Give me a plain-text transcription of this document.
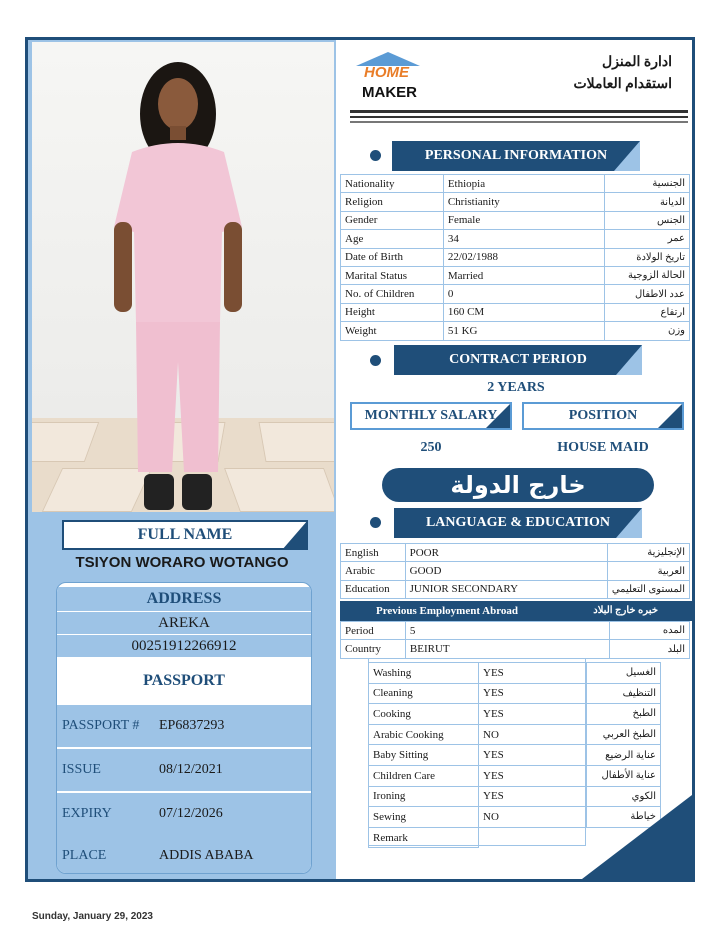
FULL NAME
TSIYON WORARO WOTANGO
ADDRESS
AREKA
00251912266912
PASSPORT
PASSPORT # EP6837293
ISSUE	08/12/2021
EXPIRY	07/12/2026
PLACE	ADDIS ABABA
HOME
MAKER
ادارة المنزل
استقدام العاملات
PERSONAL INFORMATION
Nationality	Ethiopia	الجنسية
Religion	Christianity	الديانة
Gender	Female	الجنس
Age	34	عمر
Date of Birth	22/02/1988	تاريخ الولادة
Marital Status	Married	الحالة الزوجية
No. of Children	0	عدد الاطفال
Height	160 CM	ارتفاع
Weight	51 KG	وزن
CONTRACT PERIOD
2 YEARS
MONTHLY SALARY	POSITION
250	HOUSE MAID
خارج الدولة
LANGUAGE & EDUCATION
English	POOR	الإنجليزية
Arabic	GOOD	العربية
Education	JUNIOR SECONDARY	المستوى التعليمي
Previous Employment Abroad	خبره خارج البلاد
Period	5	المده
Country	BEIRUT	البلد
Washing	YES	الغسيل
Cleaning	YES	التنظيف
Cooking	YES	الطبخ
Arabic Cooking	NO	الطبخ العربي
Baby Sitting	YES	عناية الرضيع
Children Care	YES	عناية الأطفال
Ironing	YES	الكوي
Sewing	NO	خياطة
Remark		
Sunday, January 29, 2023
